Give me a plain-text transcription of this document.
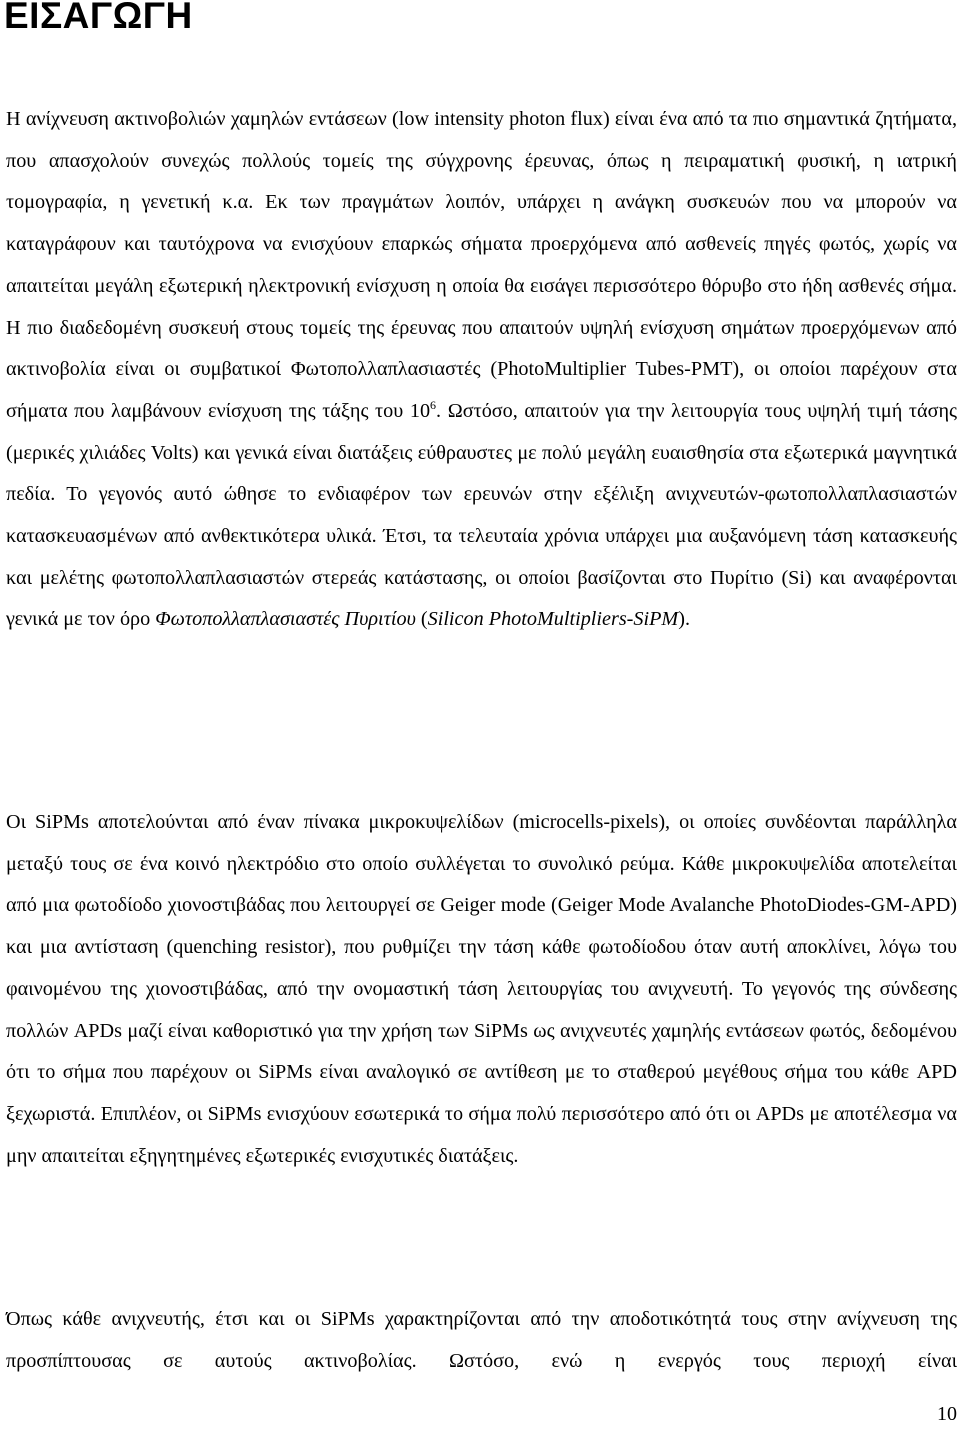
ΕΙΣΑΓΩΓΗ

Η ανίχνευση ακτινοβολιών χαμηλών εντάσεων (low intensity photon flux) είναι ένα από τα πιο σημαντικά ζητήματα, που απασχολούν συνεχώς πολλούς τομείς της σύγχρονης έρευνας, όπως η πειραματική φυσική, η ιατρική τομογραφία, η γενετική κ.α. Εκ των πραγμάτων λοιπόν, υπάρχει η ανάγκη συσκευών που να μπορούν να καταγράφουν και ταυτόχρονα να ενισχύουν επαρκώς σήματα προερχόμενα από ασθενείς πηγές φωτός, χωρίς να απαιτείται μεγάλη εξωτερική ηλεκτρονική ενίσχυση η οποία θα εισάγει περισσότερο θόρυβο στο ήδη ασθενές σήμα. Η πιο διαδεδομένη συσκευή στους τομείς της έρευνας που απαιτούν υψηλή ενίσχυση σημάτων προερχόμενων από ακτινοβολία είναι οι συμβατικοί Φωτοπολλαπλασιαστές (PhotoMultiplier Tubes-PMT), οι οποίοι παρέχουν στα σήματα που λαμβάνουν ενίσχυση της τάξης του $10^6$. Ωστόσο, απαιτούν για την λειτουργία τους υψηλή τιμή τάσης (μερικές χιλιάδες Volts) και γενικά είναι διατάξεις εύθραυστες με πολύ μεγάλη ευαισθησία στα εξωτερικά μαγνητικά πεδία. Το γεγονός αυτό ώθησε το ενδιαφέρον των ερευνών στην εξέλιξη ανιχνευτών-φωτοπολλαπλασιαστών κατασκευασμένων από ανθεκτικότερα υλικά. Έτσι, τα τελευταία χρόνια υπάρχει μια αυξανόμενη τάση κατασκευής και μελέτης φωτοπολλαπλασιαστών στερεάς κατάστασης, οι οποίοι βασίζονται στο Πυρίτιο (Si) και αναφέρονται γενικά με τον όρο Φωτοπολλαπλασιαστές Πυριτίου (Silicon PhotoMultipliers-SiPM).

Οι SiPMs αποτελούνται από έναν πίνακα μικροκυψελίδων (microcells-pixels), οι οποίες συνδέονται παράλληλα μεταξύ τους σε ένα κοινό ηλεκτρόδιο στο οποίο συλλέγεται το συνολικό ρεύμα. Κάθε μικροκυψελίδα αποτελείται από μια φωτοδίοδο χιονοστιβάδας που λειτουργεί σε Geiger mode (Geiger Mode Avalanche PhotoDiodes-GM-APD) και μια αντίσταση (quenching resistor), που ρυθμίζει την τάση κάθε φωτοδίοδου όταν αυτή αποκλίνει, λόγω του φαινομένου της χιονοστιβάδας, από την ονομαστική τάση λειτουργίας του ανιχνευτή. Το γεγονός της σύνδεσης πολλών APDs μαζί είναι καθοριστικό για την χρήση των SiPMs ως ανιχνευτές χαμηλής εντάσεων φωτός, δεδομένου ότι το σήμα που παρέχουν οι SiPMs είναι αναλογικό σε αντίθεση με το σταθερού μεγέθους σήμα του κάθε APD ξεχωριστά. Επιπλέον, οι SiPMs ενισχύουν εσωτερικά το σήμα πολύ περισσότερο από ότι οι APDs με αποτέλεσμα να μην απαιτείται εξηγητημένες εξωτερικές ενισχυτικές διατάξεις.

Όπως κάθε ανιχνευτής, έτσι και οι SiPMs χαρακτηρίζονται από την αποδοτικότητά τους στην ανίχνευση της προσπίπτουσας σε αυτούς ακτινοβολίας. Ωστόσο, ενώ η ενεργός τους περιοχή είναι

10
